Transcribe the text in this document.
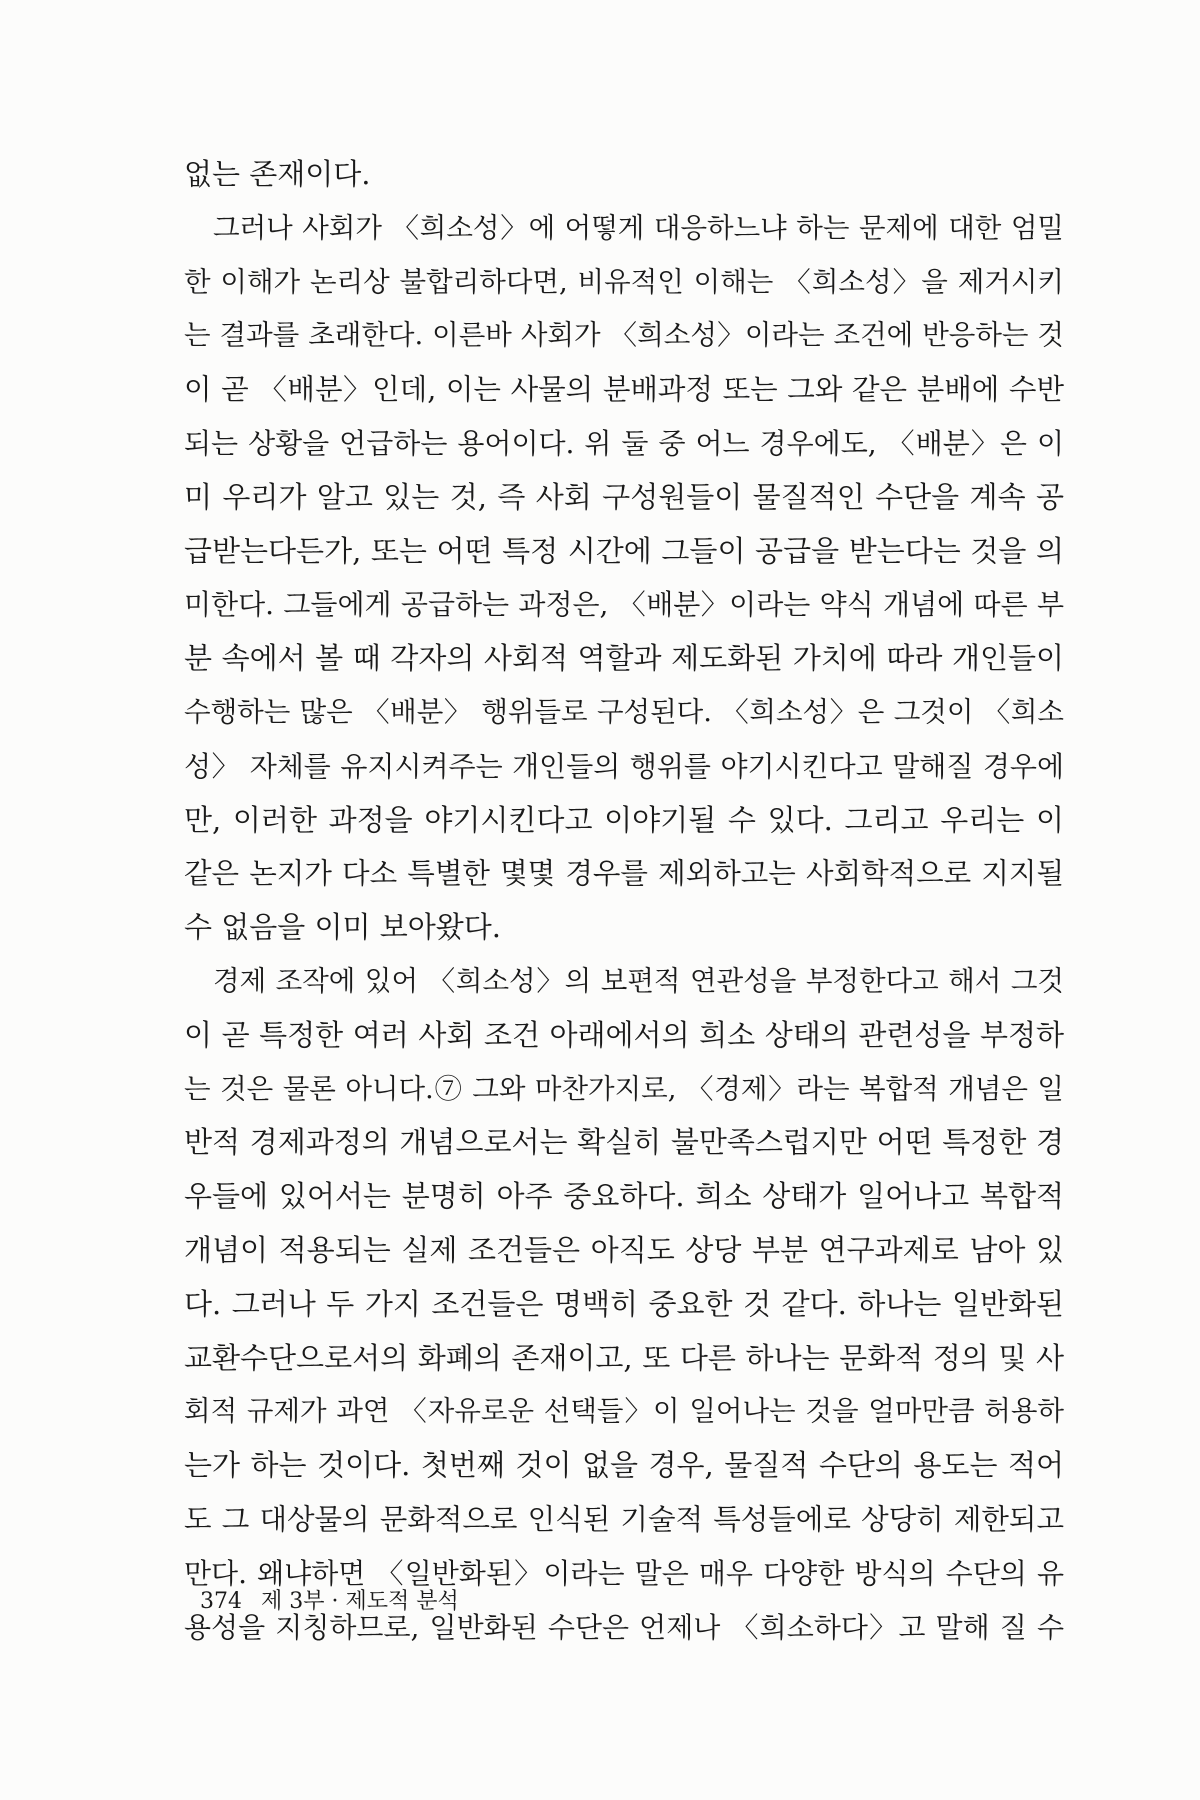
없는 존재이다.
그러나 사회가 〈희소성〉에 어떻게 대응하느냐 하는 문제에 대한 엄밀
한 이해가 논리상 불합리하다면, 비유적인 이해는 〈희소성〉을 제거시키
는 결과를 초래한다. 이른바 사회가 〈희소성〉이라는 조건에 반응하는 것
이 곧 〈배분〉인데, 이는 사물의 분배과정 또는 그와 같은 분배에 수반
되는 상황을 언급하는 용어이다. 위 둘 중 어느 경우에도, 〈배분〉은 이
미 우리가 알고 있는 것, 즉 사회 구성원들이 물질적인 수단을 계속 공
급받는다든가, 또는 어떤 특정 시간에 그들이 공급을 받는다는 것을 의
미한다. 그들에게 공급하는 과정은, 〈배분〉이라는 약식 개념에 따른 부
분 속에서 볼 때 각자의 사회적 역할과 제도화된 가치에 따라 개인들이
수행하는 많은 〈배분〉 행위들로 구성된다. 〈희소성〉은 그것이 〈희소
성〉 자체를 유지시켜주는 개인들의 행위를 야기시킨다고 말해질 경우에
만, 이러한 과정을 야기시킨다고 이야기될 수 있다. 그리고 우리는 이
같은 논지가 다소 특별한 몇몇 경우를 제외하고는 사회학적으로 지지될
수 없음을 이미 보아왔다.
경제 조작에 있어 〈희소성〉의 보편적 연관성을 부정한다고 해서 그것
이 곧 특정한 여러 사회 조건 아래에서의 희소 상태의 관련성을 부정하
는 것은 물론 아니다.⑦ 그와 마찬가지로, 〈경제〉라는 복합적 개념은 일
반적 경제과정의 개념으로서는 확실히 불만족스럽지만 어떤 특정한 경
우들에 있어서는 분명히 아주 중요하다. 희소 상태가 일어나고 복합적
개념이 적용되는 실제 조건들은 아직도 상당 부분 연구과제로 남아 있
다. 그러나 두 가지 조건들은 명백히 중요한 것 같다. 하나는 일반화된
교환수단으로서의 화폐의 존재이고, 또 다른 하나는 문화적 정의 및 사
회적 규제가 과연 〈자유로운 선택들〉이 일어나는 것을 얼마만큼 허용하
는가 하는 것이다. 첫번째 것이 없을 경우, 물질적 수단의 용도는 적어
도 그 대상물의 문화적으로 인식된 기술적 특성들에로 상당히 제한되고
만다. 왜냐하면 〈일반화된〉이라는 말은 매우 다양한 방식의 수단의 유
용성을 지칭하므로, 일반화된 수단은 언제나 〈희소하다〉고 말해 질 수
374 제 3부 · 제도적 분석
